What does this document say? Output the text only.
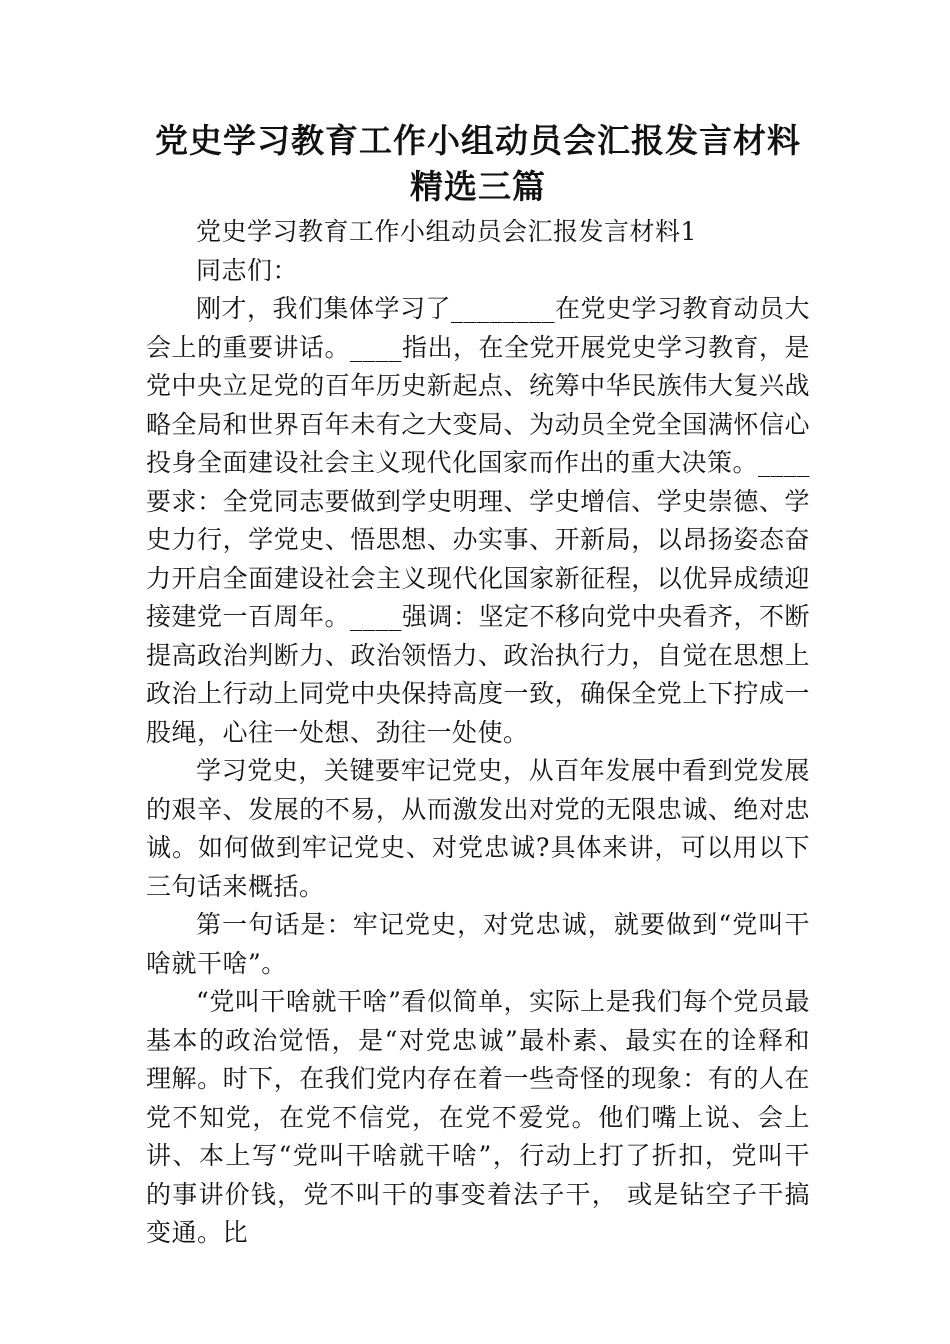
党史学习教育工作小组动员会汇报发言材料
精选三篇

党史学习教育工作小组动员会汇报发言材料1

同志们：

刚才，我们集体学习了________在党史学习教育动员大会上的重要讲话。____指出，在全党开展党史学习教育，是党中央立足党的百年历史新起点、统筹中华民族伟大复兴战略全局和世界百年未有之大变局、为动员全党全国满怀信心投身全面建设社会主义现代化国家而作出的重大决策。____要求：全党同志要做到学史明理、学史增信、学史崇德、学史力行，学党史、悟思想、办实事、开新局，以昂扬姿态奋力开启全面建设社会主义现代化国家新征程，以优异成绩迎接建党一百周年。____强调：坚定不移向党中央看齐，不断提高政治判断力、政治领悟力、政治执行力，自觉在思想上政治上行动上同党中央保持高度一致，确保全党上下拧成一股绳，心往一处想、劲往一处使。

学习党史，关键要牢记党史，从百年发展中看到党发展的艰辛、发展的不易，从而激发出对党的无限忠诚、绝对忠诚。如何做到牢记党史、对党忠诚?具体来讲，可以用以下三句话来概括。

第一句话是：牢记党史，对党忠诚，就要做到“党叫干啥就干啥”。

“党叫干啥就干啥”看似简单，实际上是我们每个党员最基本的政治觉悟，是“对党忠诚”最朴素、最实在的诠释和理解。时下，在我们党内存在着一些奇怪的现象：有的人在党不知党，在党不信党，在党不爱党。他们嘴上说、会上讲、本上写“党叫干啥就干啥”，行动上打了折扣，党叫干的事讲价钱，党不叫干的事变着法子干， 或是钻空子干搞变通。比
